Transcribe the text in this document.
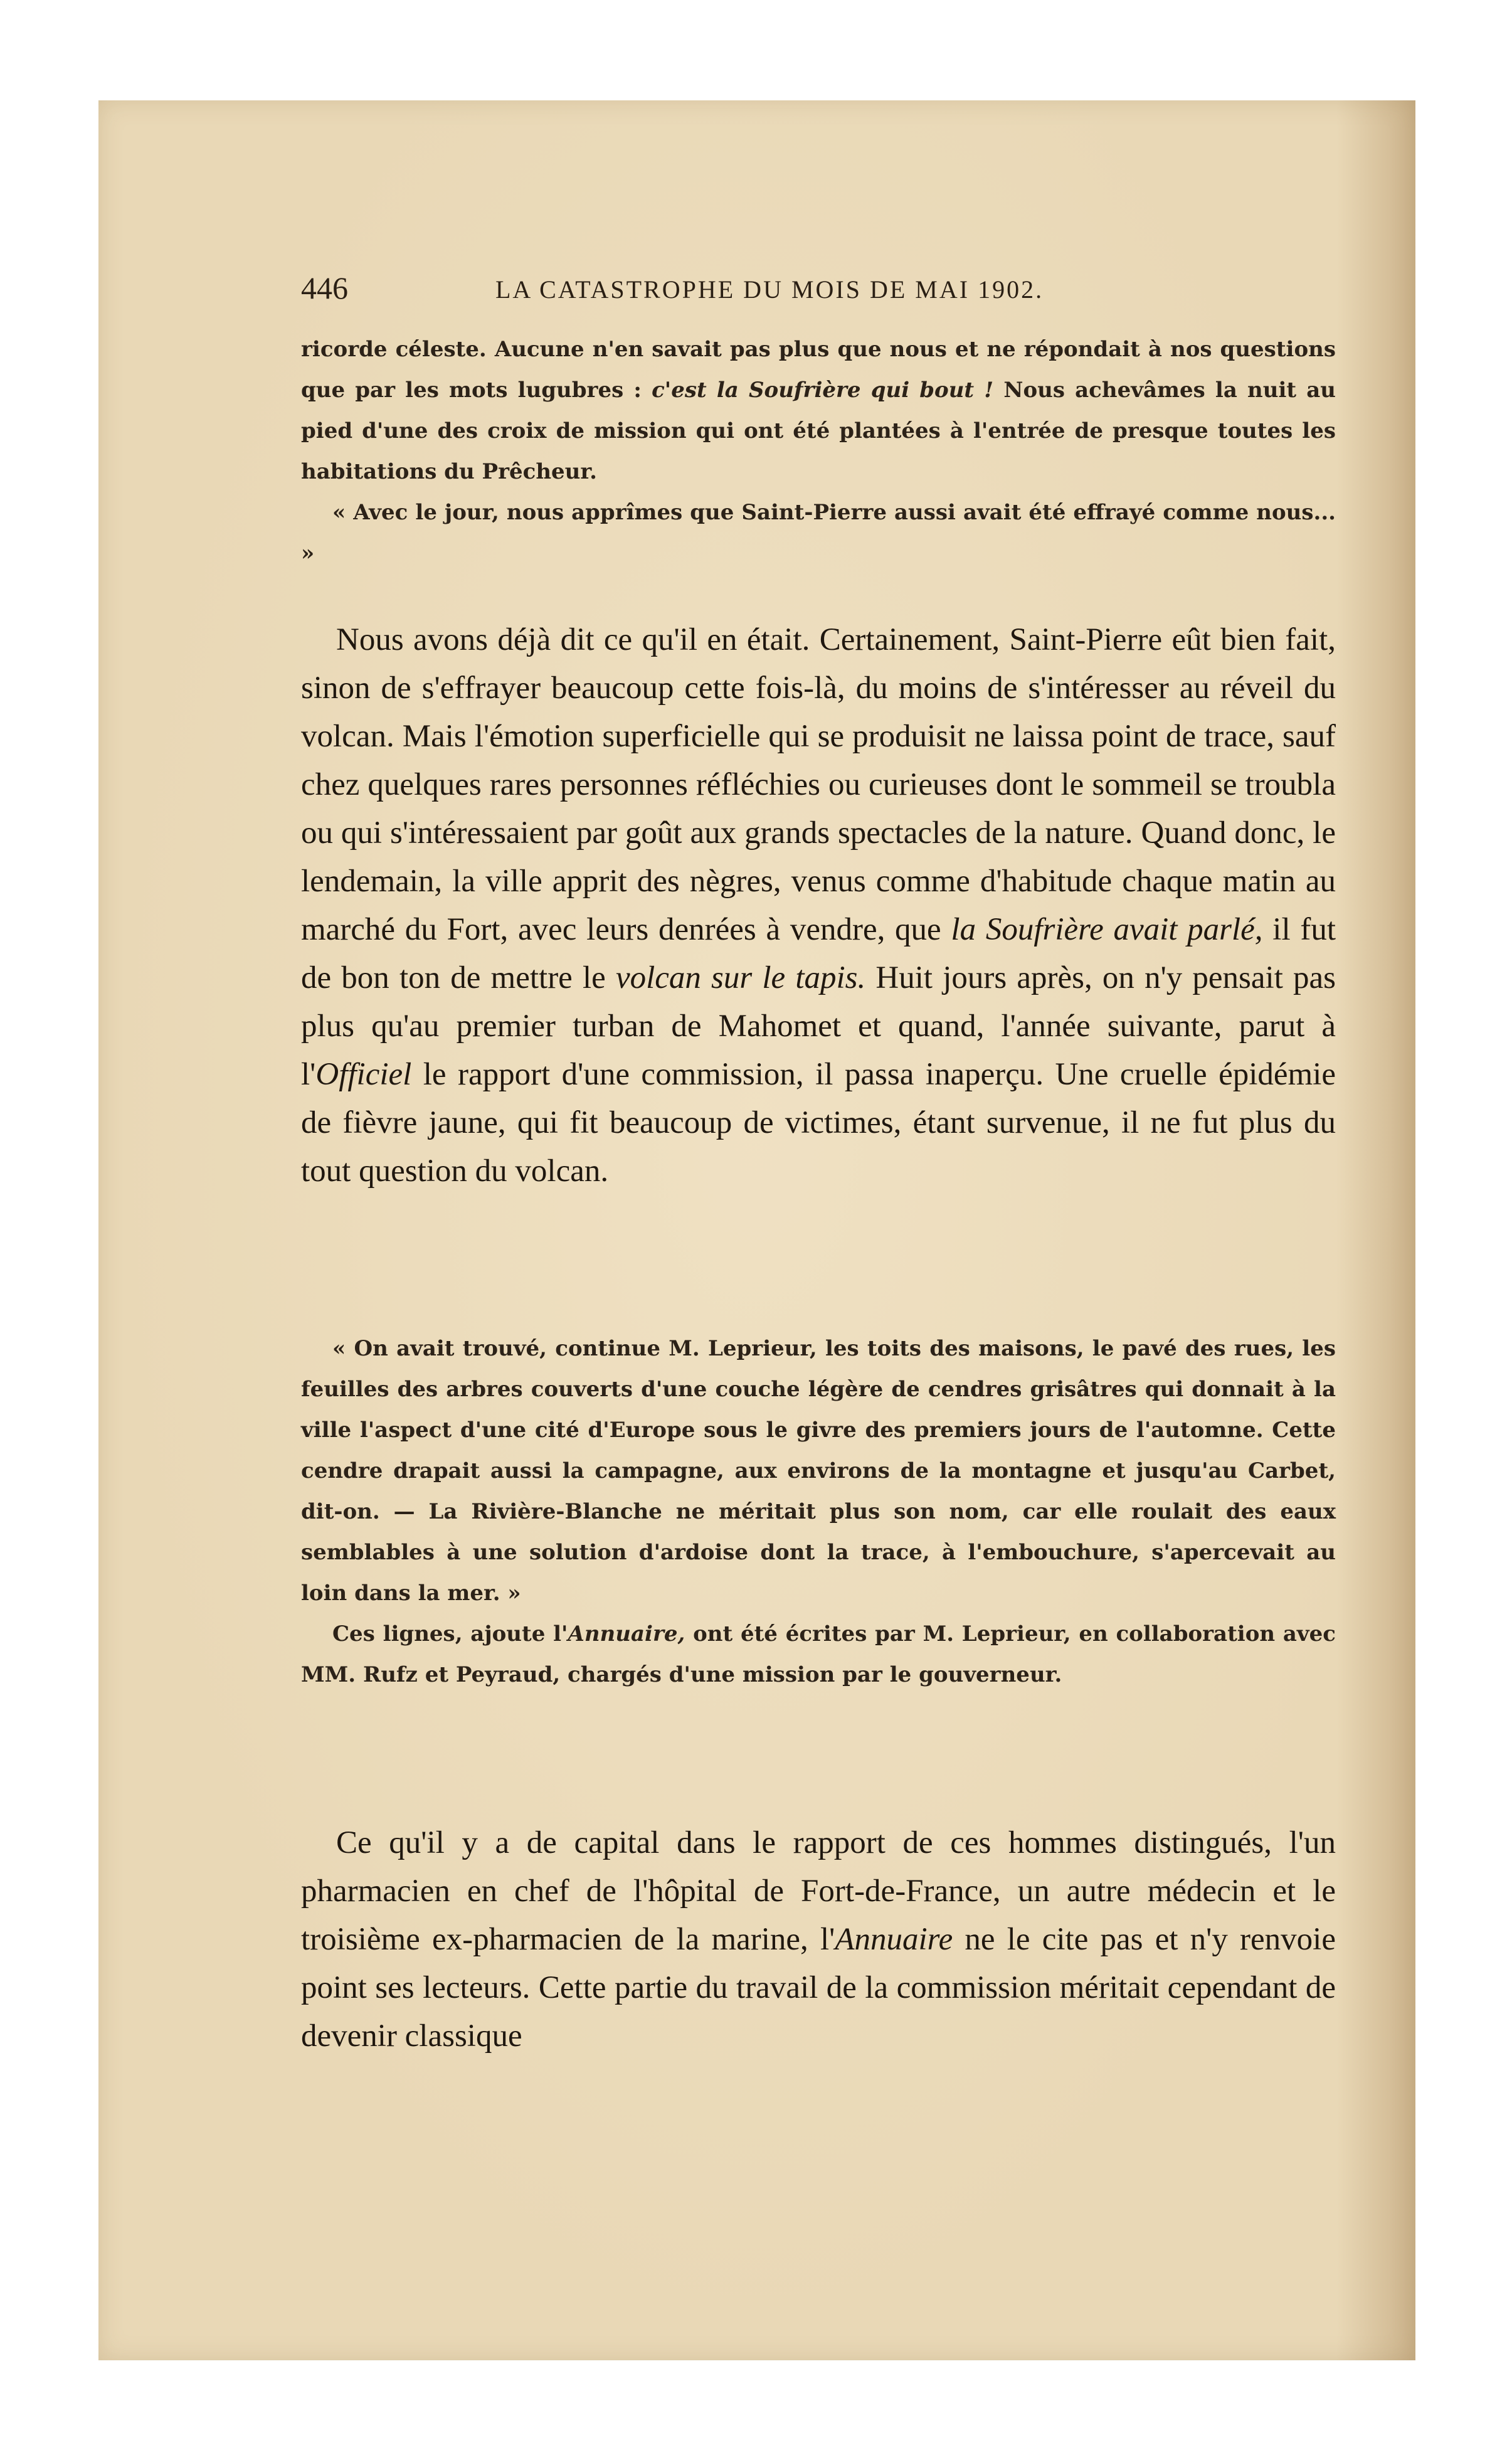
446	LA CATASTROPHE DU MOIS DE MAI 1902.

ricorde céleste. Aucune n'en savait pas plus que nous et ne répondait à nos questions que par les mots lugubres : c'est la Soufrière qui bout ! Nous achevâmes la nuit au pied d'une des croix de mission qui ont été plantées à l'entrée de presque toutes les habitations du Prêcheur.

« Avec le jour, nous apprîmes que Saint-Pierre aussi avait été effrayé comme nous... »

Nous avons déjà dit ce qu'il en était. Certainement, Saint-Pierre eût bien fait, sinon de s'effrayer beaucoup cette fois-là, du moins de s'intéresser au réveil du volcan. Mais l'émotion superficielle qui se produisit ne laissa point de trace, sauf chez quelques rares personnes réfléchies ou curieuses dont le sommeil se troubla ou qui s'intéressaient par goût aux grands spectacles de la nature. Quand donc, le lendemain, la ville apprit des nègres, venus comme d'habitude chaque matin au marché du Fort, avec leurs denrées à vendre, que la Soufrière avait parlé, il fut de bon ton de mettre le volcan sur le tapis. Huit jours après, on n'y pensait pas plus qu'au premier turban de Mahomet et quand, l'année suivante, parut à l'Officiel le rapport d'une commission, il passa inaperçu. Une cruelle épidémie de fièvre jaune, qui fit beaucoup de victimes, étant survenue, il ne fut plus du tout question du volcan.

« On avait trouvé, continue M. Leprieur, les toits des maisons, le pavé des rues, les feuilles des arbres couverts d'une couche légère de cendres grisâtres qui donnait à la ville l'aspect d'une cité d'Europe sous le givre des premiers jours de l'automne. Cette cendre drapait aussi la campagne, aux environs de la montagne et jusqu'au Carbet, dit-on. — La Rivière-Blanche ne méritait plus son nom, car elle roulait des eaux semblables à une solution d'ardoise dont la trace, à l'embouchure, s'apercevait au loin dans la mer. »

Ces lignes, ajoute l'Annuaire, ont été écrites par M. Leprieur, en collaboration avec MM. Rufz et Peyraud, chargés d'une mission par le gouverneur.

Ce qu'il y a de capital dans le rapport de ces hommes distingués, l'un pharmacien en chef de l'hôpital de Fort-de-France, un autre médecin et le troisième ex-pharmacien de la marine, l'Annuaire ne le cite pas et n'y renvoie point ses lecteurs. Cette partie du travail de la commission méritait cependant de devenir classique
